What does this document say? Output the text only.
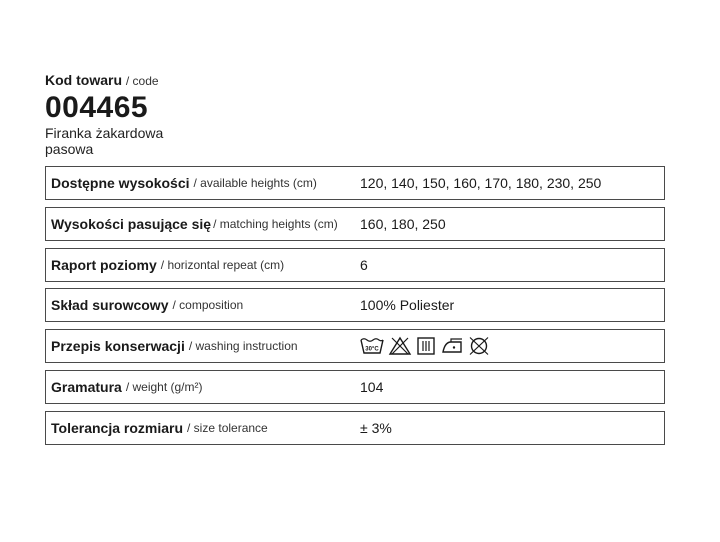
Kod towaru / code
004465
Firanka żakardowa
pasowa
Dostępne wysokości / available heights (cm)	120, 140, 150, 160, 170, 180, 230, 250
Wysokości pasujące się / matching heights (cm) 160, 180, 250
Raport poziomy / horizontal repeat (cm)	6
Skład surowcowy / composition	100% Poliester
Przepis konserwacji / washing instruction	30°C
Gramatura / weight (g/m²)	104
Tolerancja rozmiaru / size tolerance	± 3%
